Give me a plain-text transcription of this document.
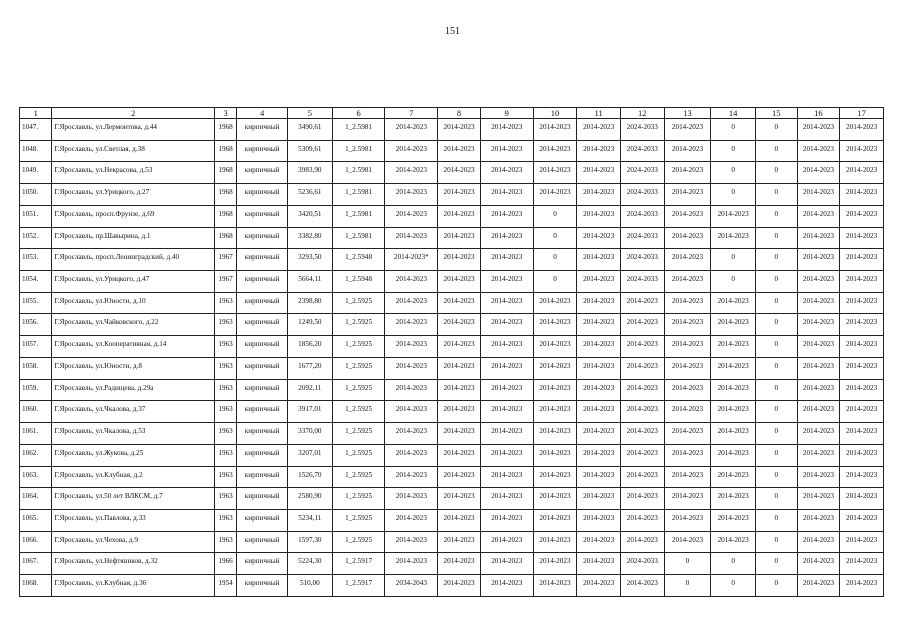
151
1	2	3	4	5	6	7	8	9	10	11	12	13	14	15	16	17
1047.	Г.Ярославль, ул.Лермонтова, д.44	1968	кирпичный	3490,61	1_2.5981	2014-2023	2014-2023	2014-2023	2014-2023	2014-2023	2024-2033	2014-2023	0	0	2014-2023	2014-2023
1048.	Г.Ярославль, ул.Светлая, д.38	1968	кирпичный	5309,61	1_2.5981	2014-2023	2014-2023	2014-2023	2014-2023	2014-2023	2024-2033	2014-2023	0	0	2014-2023	2014-2023
1049.	Г.Ярославль, ул.Некрасова, д.53	1968	кирпичный	3983,90	1_2.5981	2014-2023	2014-2023	2014-2023	2014-2023	2014-2023	2024-2033	2014-2023	0	0	2014-2023	2014-2023
1050.	Г.Ярославль, ул.Урицкого, д.27	1968	кирпичный	5236,61	1_2.5981	2014-2023	2014-2023	2014-2023	2014-2023	2014-2023	2024-2033	2014-2023	0	0	2014-2023	2014-2023
1051.	Г.Ярославль, просп.Фрунзе, д.69	1968	кирпичный	3420,51	1_2.5981	2014-2023	2014-2023	2014-2023	0	2014-2023	2024-2033	2014-2023	2014-2023	0	2014-2023	2014-2023
1052.	Г.Ярославль, пр.Шавырина, д.1	1968	кирпичный	3382,80	1_2.5981	2014-2023	2014-2023	2014-2023	0	2014-2023	2024-2033	2014-2023	2014-2023	0	2014-2023	2014-2023
1053.	Г.Ярославль, просп.Ленинградский, д.40	1967	кирпичный	3293,50	1_2.5948	2014-2023*	2014-2023	2014-2023	0	2014-2023	2024-2033	2014-2023	0	0	2014-2023	2014-2023
1054.	Г.Ярославль, ул.Урицкого, д.47	1967	кирпичный	5664,11	1_2.5948	2014-2023	2014-2023	2014-2023	0	2014-2023	2024-2033	2014-2023	0	0	2014-2023	2014-2023
1055.	Г.Ярославль, ул.Юности, д.10	1963	кирпичный	2398,80	1_2.5925	2014-2023	2014-2023	2014-2023	2014-2023	2014-2023	2014-2023	2014-2023	2014-2023	0	2014-2023	2014-2023
1056.	Г.Ярославль, ул.Чайковского, д.22	1963	кирпичный	1249,50	1_2.5925	2014-2023	2014-2023	2014-2023	2014-2023	2014-2023	2014-2023	2014-2023	2014-2023	0	2014-2023	2014-2023
1057.	Г.Ярославль, ул.Кооперативная, д.14	1963	кирпичный	1856,20	1_2.5925	2014-2023	2014-2023	2014-2023	2014-2023	2014-2023	2014-2023	2014-2023	2014-2023	0	2014-2023	2014-2023
1058.	Г.Ярославль, ул.Юности, д.8	1963	кирпичный	1677,20	1_2.5925	2014-2023	2014-2023	2014-2023	2014-2023	2014-2023	2014-2023	2014-2023	2014-2023	0	2014-2023	2014-2023
1059.	Г.Ярославль, ул.Радищева, д.29а	1963	кирпичный	2092,11	1_2.5925	2014-2023	2014-2023	2014-2023	2014-2023	2014-2023	2014-2023	2014-2023	2014-2023	0	2014-2023	2014-2023
1060.	Г.Ярославль, ул.Чкалова, д.37	1963	кирпичный	3917,01	1_2.5925	2014-2023	2014-2023	2014-2023	2014-2023	2014-2023	2014-2023	2014-2023	2014-2023	0	2014-2023	2014-2023
1061.	Г.Ярославль, ул.Чкалова, д.53	1963	кирпичный	3370,00	1_2.5925	2014-2023	2014-2023	2014-2023	2014-2023	2014-2023	2014-2023	2014-2023	2014-2023	0	2014-2023	2014-2023
1062.	Г.Ярославль, ул.Жукова, д.25	1963	кирпичный	3207,01	1_2.5925	2014-2023	2014-2023	2014-2023	2014-2023	2014-2023	2014-2023	2014-2023	2014-2023	0	2014-2023	2014-2023
1063.	Г.Ярославль, ул.Клубная, д.2	1963	кирпичный	1526,70	1_2.5925	2014-2023	2014-2023	2014-2023	2014-2023	2014-2023	2014-2023	2014-2023	2014-2023	0	2014-2023	2014-2023
1064.	Г.Ярославль, ул.50 лет ВЛКСМ, д.7	1963	кирпичный	2580,90	1_2.5925	2014-2023	2014-2023	2014-2023	2014-2023	2014-2023	2014-2023	2014-2023	2014-2023	0	2014-2023	2014-2023
1065.	Г.Ярославль, ул.Павлова, д.33	1963	кирпичный	5234,11	1_2.5925	2014-2023	2014-2023	2014-2023	2014-2023	2014-2023	2014-2023	2014-2023	2014-2023	0	2014-2023	2014-2023
1066.	Г.Ярославль, ул.Чехова, д.9	1963	кирпичный	1597,30	1_2.5925	2014-2023	2014-2023	2014-2023	2014-2023	2014-2023	2014-2023	2014-2023	2014-2023	0	2014-2023	2014-2023
1067.	Г.Ярославль, ул.Нефтяников, д.32	1966	кирпичный	5224,30	1_2.5917	2014-2023	2014-2023	2014-2023	2014-2023	2014-2023	2024-2033	0	0	0	2014-2023	2014-2023
1068.	Г.Ярославль, ул.Клубная, д.36	1954	кирпичный	510,00	1_2.5917	2034-2043	2014-2023	2014-2023	2014-2023	2014-2023	2014-2023	0	0	0	2014-2023	2014-2023
